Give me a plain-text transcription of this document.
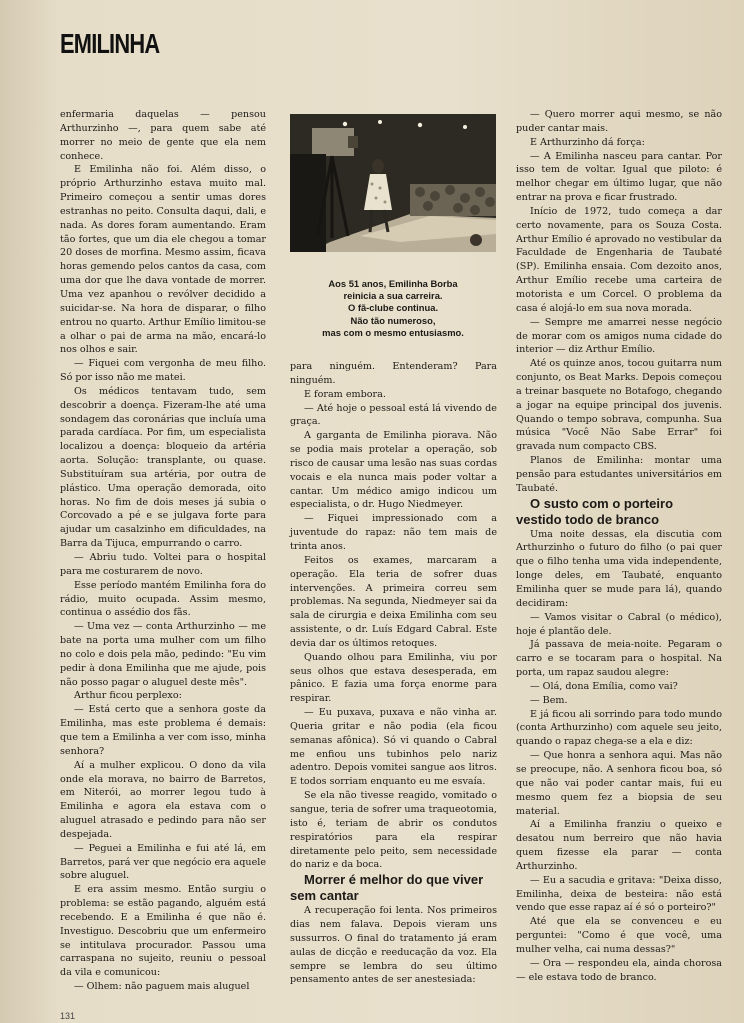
EMILINHA

enfermaria daquelas — pensou Arthurzinho —, para quem sabe até morrer no meio de gente que ela nem conhece.

E Emilinha não foi. Além disso, o próprio Arthurzinho estava muito mal. Primeiro começou a sentir umas dores estranhas no peito. Consulta daqui, dali, e nada. As dores foram aumentando. Eram tão fortes, que um dia ele chegou a tomar 20 doses de morfina. Mesmo assim, ficava horas gemendo pelos cantos da casa, com uma dor que lhe dava vontade de morrer. Uma vez apanhou o revólver decidido a suicidar-se. Na hora de disparar, o filho entrou no quarto. Arthur Emílio limitou-se a olhar o pai de arma na mão, encará-lo nos olhos e sair.

— Fiquei com vergonha de meu filho. Só por isso não me matei.

Os médicos tentavam tudo, sem descobrir a doença. Fizeram-lhe até uma sondagem das coronárias que incluía uma parada cardíaca. Por fim, um especialista localizou a doença: bloqueio da artéria aorta. Solução: transplante, ou quase. Substituíram sua artéria, por outra de plástico. Uma operação demorada, oito horas. No fim de dois meses já subia o Corcovado a pé e se julgava forte para ajudar um casalzinho em dificuldades, na Barra da Tijuca, empurrando o carro.

— Abriu tudo. Voltei para o hospital para me costurarem de novo.

Esse período mantém Emilinha fora do rádio, muito ocupada. Assim mesmo, continua o assédio dos fãs.

— Uma vez — conta Arthurzinho — me bate na porta uma mulher com um filho no colo e dois pela mão, pedindo: "Eu vim pedir à dona Emilinha que me ajude, pois não posso pagar o aluguel deste mês".

Arthur ficou perplexo:

— Está certo que a senhora goste da Emilinha, mas este problema é demais: que tem a Emilinha a ver com isso, minha senhora?

Aí a mulher explicou. O dono da vila onde ela morava, no bairro de Barretos, em Niterói, ao morrer legou tudo à Emilinha e agora ela estava com o aluguel atrasado e pedindo para não ser despejada.

— Peguei a Emilinha e fui até lá, em Barretos, pará ver que negócio era aquele sobre aluguel.

E era assim mesmo. Então surgiu o problema: se estão pagando, alguém está recebendo. E a Emilinha é que não é. Investiguo. Descobriu que um enfermeiro se intitulava procurador. Passou uma carraspana no sujeito, reuniu o pessoal da vila e comunicou:

— Olhem: não paguem mais aluguel

Aos 51 anos, Emilinha Borba
reinicia a sua carreira.
O fã-clube continua.
Não tão numeroso,
mas com o mesmo entusiasmo.

para ninguém. Entenderam? Para ninguém.

E foram embora.

— Até hoje o pessoal está lá vivendo de graça.

A garganta de Emilinha piorava. Não se podia mais protelar a operação, sob risco de causar uma lesão nas suas cordas vocais e ela nunca mais poder voltar a cantar. Um médico amigo indicou um especialista, o dr. Hugo Niedmeyer.

— Fiquei impressionado com a juventude do rapaz: não tem mais de trinta anos.

Feitos os exames, marcaram a operação. Ela teria de sofrer duas intervenções. A primeira correu sem problemas. Na segunda, Niedmeyer sai da sala de cirurgia e deixa Emilinha com seu assistente, o dr. Luís Edgard Cabral. Este devia dar os últimos retoques.

Quando olhou para Emilinha, viu por seus olhos que estava desesperada, em pânico. E fazia uma força enorme para respirar.

— Eu puxava, puxava e não vinha ar. Queria gritar e não podia (ela ficou semanas afônica). Só vi quando o Cabral me enfiou uns tubinhos pelo nariz adentro. Depois vomitei sangue aos litros. E todos sorriam enquanto eu me esvaía.

Se ela não tivesse reagido, vomitado o sangue, teria de sofrer uma traqueotomia, isto é, teriam de abrir os condutos respiratórios para ela respirar diretamente pelo peito, sem necessidade do nariz e da boca.

Morrer é melhor do que viver sem cantar

A recuperação foi lenta. Nos primeiros dias nem falava. Depois vieram uns sussurros. O final do tratamento já eram aulas de dicção e reeducação da voz. Ela sempre se lembra do seu último pensamento antes de ser anestesiada:

— Quero morrer aqui mesmo, se não puder cantar mais.

E Arthurzinho dá força:

— A Emilinha nasceu para cantar. Por isso tem de voltar. Igual que piloto: é melhor chegar em último lugar, que não entrar na prova e ficar frustrado.

Início de 1972, tudo começa a dar certo novamente, para os Souza Costa. Arthur Emílio é aprovado no vestibular da Faculdade de Engenharia de Taubaté (SP). Emilinha ensaia. Com dezoito anos, Arthur Emílio recebe uma carteira de motorista e um Corcel. O problema da casa é alojá-lo em sua nova morada.

— Sempre me amarrei nesse negócio de morar com os amigos numa cidade do interior — diz Arthur Emílio.

Até os quinze anos, tocou guitarra num conjunto, os Beat Marks. Depois começou a treinar basquete no Botafogo, chegando a jogar na equipe principal dos juvenis. Quando o tempo sobrava, compunha. Sua música "Você Não Sabe Errar" foi gravada num compacto CBS.

Planos de Emilinha: montar uma pensão para estudantes universitários em Taubaté.

O susto com o porteiro vestido todo de branco

Uma noite dessas, ela discutia com Arthurzinho o futuro do filho (o pai quer que o filho tenha uma vida independente, longe deles, em Taubaté, enquanto Emilinha quer se mude para lá), quando decidiram:

— Vamos visitar o Cabral (o médico), hoje é plantão dele.

Já passava de meia-noite. Pegaram o carro e se tocaram para o hospital. Na porta, um rapaz saudou alegre:

— Olá, dona Emília, como vai?

— Bem.

E já ficou ali sorrindo para todo mundo (conta Arthurzinho) com aquele seu jeito, quando o rapaz chega-se a ela e diz:

— Que honra a senhora aqui. Mas não se preocupe, não. A senhora ficou boa, só que não vai poder cantar mais, fui eu mesmo quem fez a biopsia de seu material.

Aí a Emilinha franziu o queixo e desatou num berreiro que não havia quem fizesse ela parar — conta Arthurzinho.

— Eu a sacudia e gritava: "Deixa disso, Emilinha, deixa de besteira: não está vendo que esse rapaz aí é só o porteiro?"

Até que ela se convenceu e eu perguntei: "Como é que você, uma mulher velha, cai numa dessas?"

— Ora — respondeu ela, ainda chorosa — ele estava todo de branco.

131
